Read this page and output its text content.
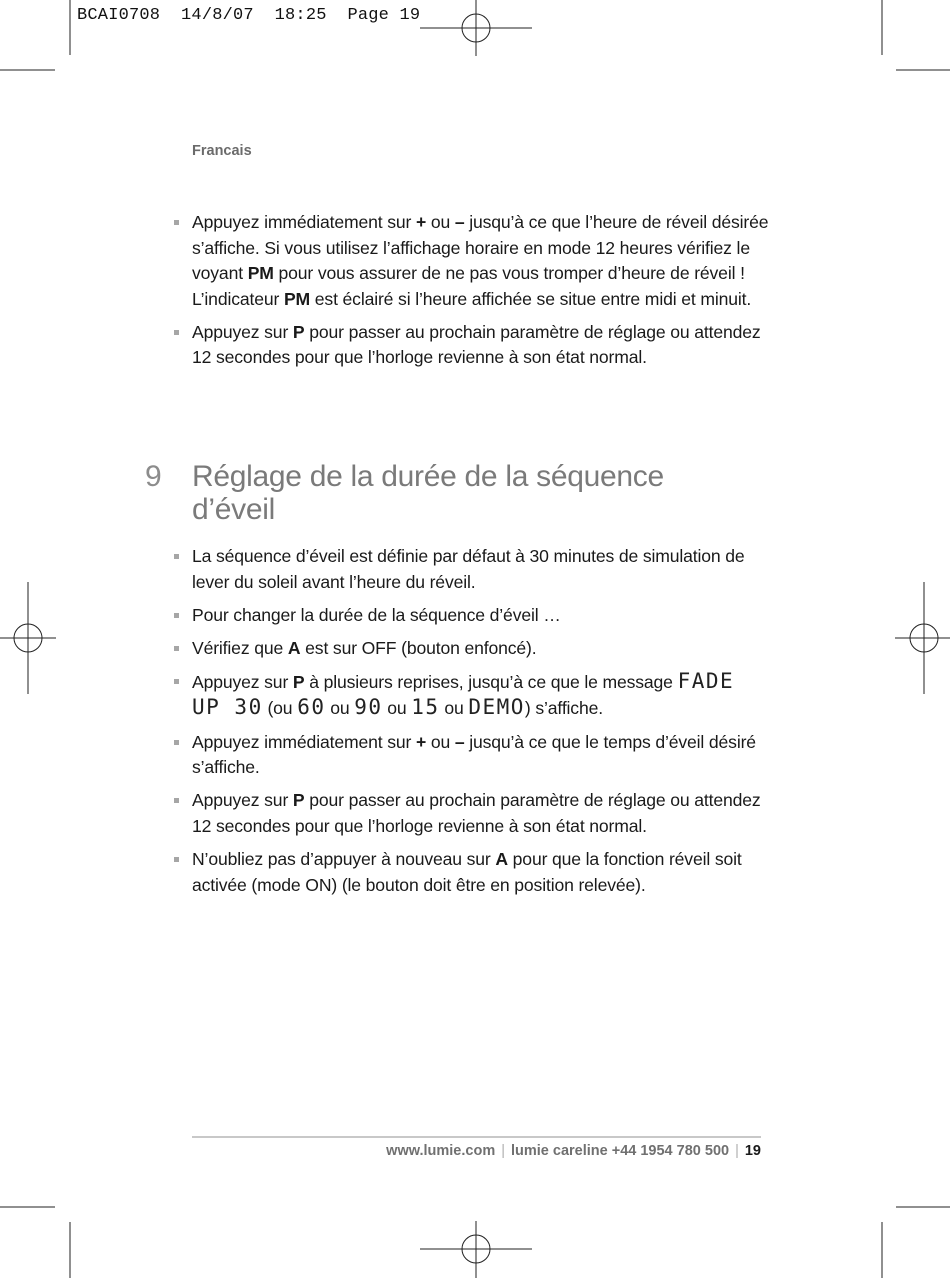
BCAI0708  14/8/07  18:25  Page 19
Francais
Appuyez immédiatement sur + ou – jusqu’à ce que l’heure de réveil désirée s’affiche. Si vous utilisez l’affichage horaire en mode 12 heures vérifiez le voyant PM pour vous assurer de ne pas vous tromper d’heure de réveil ! L’indicateur PM est éclairé si l’heure affichée se situe entre midi et minuit.
Appuyez sur P pour passer au prochain paramètre de réglage ou attendez 12 secondes pour que l’horloge revienne à son état normal.
9 Réglage de la durée de la séquence d’éveil
La séquence d’éveil est définie par défaut à 30 minutes de simulation de lever du soleil avant l’heure du réveil.
Pour changer la durée de la séquence d’éveil …
Vérifiez que A est sur OFF (bouton enfoncé).
Appuyez sur P à plusieurs reprises, jusqu’à ce que le message FADE UP 30 (ou 60 ou 90 ou 15 ou DEMO) s’affiche.
Appuyez immédiatement sur + ou – jusqu’à ce que le temps d’éveil désiré s’affiche.
Appuyez sur P pour passer au prochain paramètre de réglage ou attendez 12 secondes pour que l’horloge revienne à son état normal.
N’oubliez pas d’appuyer à nouveau sur A pour que la fonction réveil soit activée (mode ON) (le bouton doit être en position relevée).
www.lumie.com | lumie careline +44 1954 780 500 | 19
